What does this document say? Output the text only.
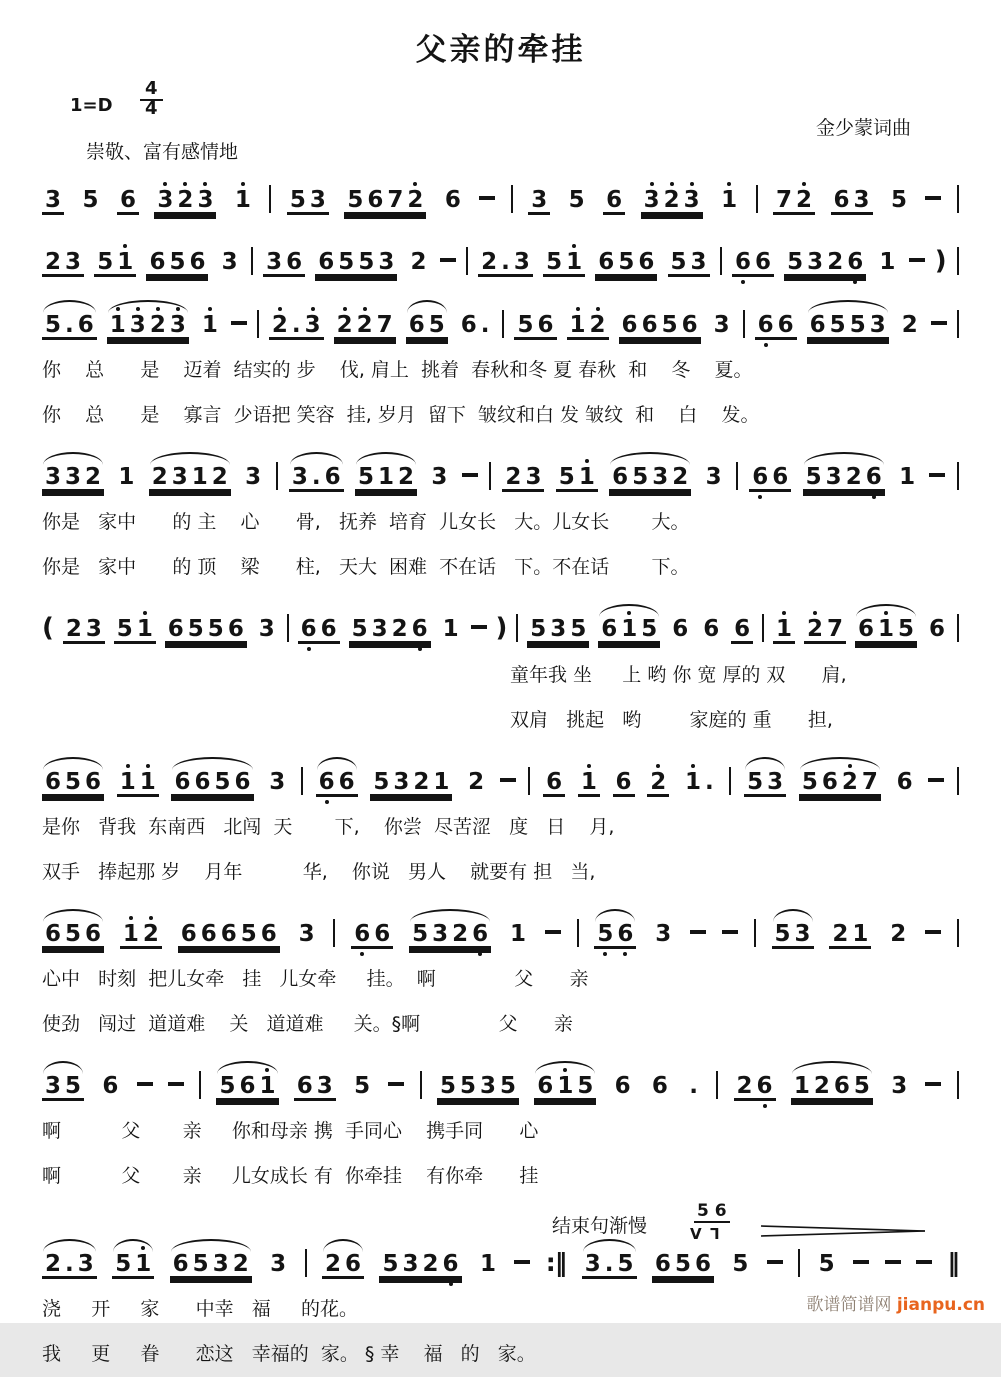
父亲的牵挂
$1=D \frac{4}{4}$
金少蒙词曲
崇敬、富有感情地
3 5 6 3 2 3 1 5 3 5 6 7 2 6	3 5 6 3 2 3 1 7 2 6 3 5
2 3 5 1 6 5 6 3 3 6 6 5 5 3 2 2 . 3 5 1 6 5 6 5 3 6 6 5 3 2 6 1 )
5 . 6 1 3 2 3 1 2 . 3 2 2 7 6 5 6 . 5 6 1 2 6 6 5 6 3 6 6 6 5 5 3 2
你    总      是    迈着  结实的 步    伐, 肩上  挑着  春秋和冬 夏 春秋  和    冬    夏。
你    总      是    寡言  少语把 笑容  挂, 岁月  留下  皱纹和白 发 皱纹  和    白    发。
3 3 2 1 2 3 1 2 3 3 . 6 5 1 2 3	2 3 5 1 6 5 3 2 3 6 6 5 3 2 6 1
你是   家中      的 主    心      骨,   抚养  培育  儿女长   大。儿女长       大。
你是   家中      的 顶    梁      柱,   天大  困难  不在话   下。不在话       下。
( 2 3 5 1 6 5 5 6 3 6 6 5 3 2 6 1 ) 5 3 5 6 1 5 6 6 6 1 2 7 6 1 5 6
童年我 坐     上 哟 你 宽 厚的 双      肩,
双肩   挑起   哟        家庭的 重      担,
6 5 6 1 1 6 6 5 6 3 6 6 5 3 2 1 2	6 1 6 2 1 . 5 3 5 6 2 7 6
是你   背我  东南西   北闯  天       下,    你尝  尽苦涩   度   日    月,
双手   捧起那 岁    月年          华,    你说   男人    就要有 担   当,
6 5 6 1 2 6 6 6 5 6 3 6 6 5 3 2 6 1	5 6 3	5 3 2 1 2
心中   时刻  把儿女牵   挂   儿女牵     挂。  啊             父      亲
使劲   闯过  道道难    关   道道难     关。§啊             父      亲
3 5 6	5 6 1 6 3 5	5 5 3 5 6 1 5 6 6 . 2 6 1 2 6 5 3
啊          父       亲     你和母亲 携  手同心    携手同      心
啊          父       亲     儿女成长 有  你牵挂    有你牵      挂
结束句渐慢
5 6
VΓ
2 . 3 5 1 6 5 3 2 3 2 6 5 3 2 6 1 :‖ 3 . 5 6 5 6 5	5	‖
浇     开     家      中幸   福     的花。
我     更     眷      恋这   幸福的  家。 § 幸    福   的   家。
歌谱简谱网 jianpu.cn
